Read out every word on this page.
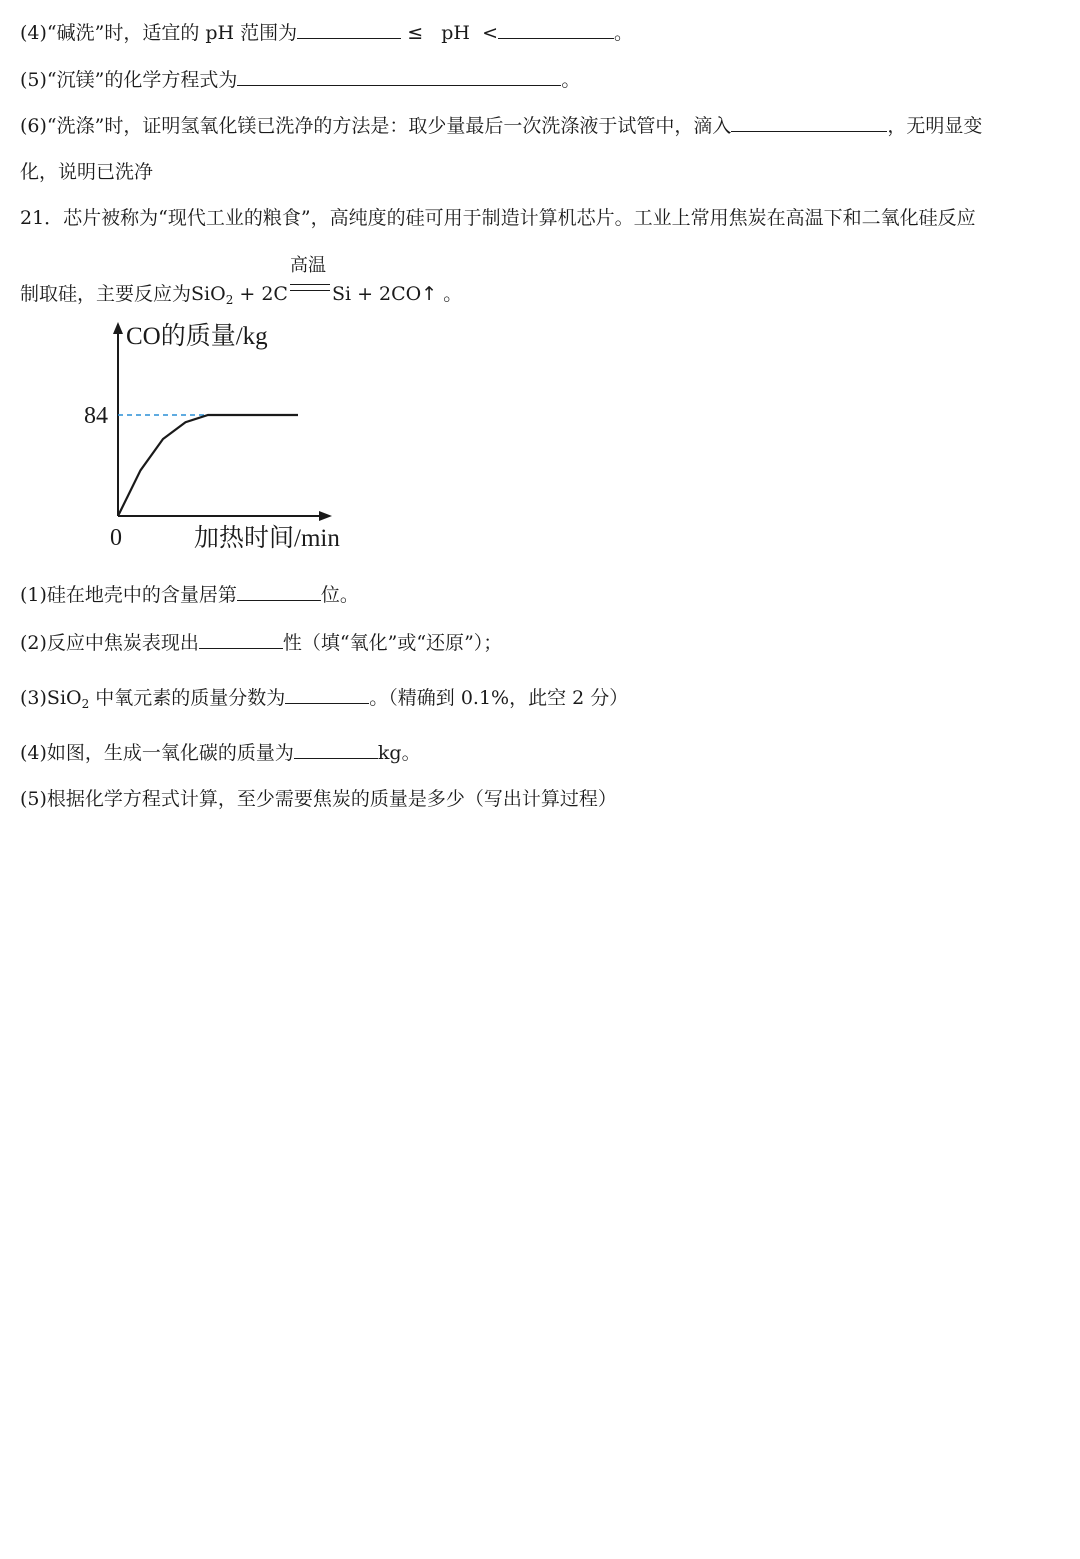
(4)“碱洗”时，适宜的 pH 范围为	≤ pH <	。
(5)“沉镁”的化学方程式为	。
(6)“洗涤”时，证明氢氧化镁已洗净的方法是：取少量最后一次洗涤液于试管中，滴入	，无明显变
化，说明已洗净
21．芯片被称为“现代工业的粮食”，高纯度的硅可用于制造计算机芯片。工业上常用焦炭在高温下和二氧化硅反应
制取硅，主要反应为SiO$_2$ + 2C
高温
Si + 2CO↑ 。
CO的质量/kg
加热时间/min
0
84
(1)硅在地壳中的含量居第	位。
(2)反应中焦炭表现出	性（填“氧化”或“还原”）；
(3)SiO$_2$ 中氧元素的质量分数为	。（精确到 0.1%，此空 2 分）
(4)如图，生成一氧化碳的质量为	kg。
(5)根据化学方程式计算，至少需要焦炭的质量是多少（写出计算过程）
